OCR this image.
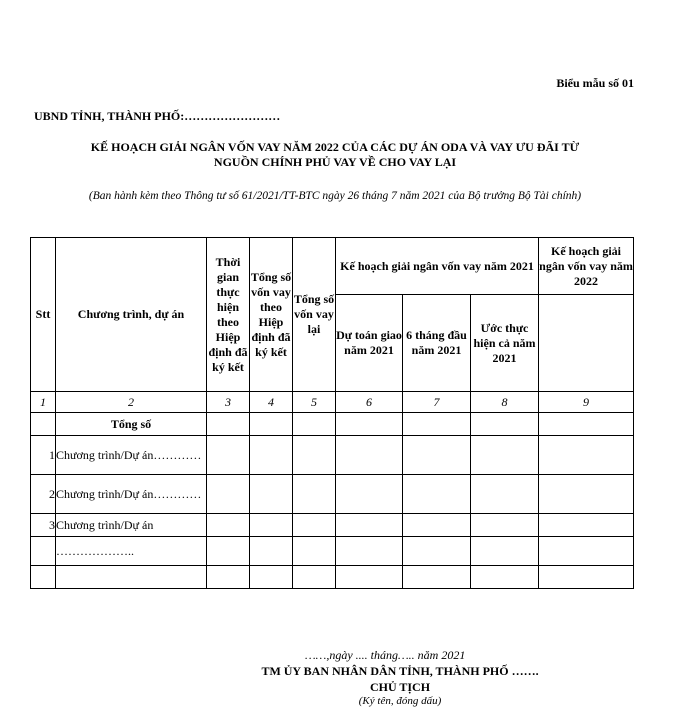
Biểu mẫu số 01
UBND TỈNH, THÀNH PHỐ:……………………
KẾ HOẠCH GIẢI NGÂN VỐN VAY NĂM 2022 CỦA CÁC DỰ ÁN ODA VÀ VAY ƯU ĐÃI TỪ
NGUỒN CHÍNH PHỦ VAY VỀ CHO VAY LẠI
(Ban hành kèm theo Thông tư số 61/2021/TT-BTC ngày 26 tháng 7 năm 2021 của Bộ trưởng Bộ Tài chính)
Stt	Chương trình, dự án	Thời gian thực hiện theo Hiệp định đã ký kết	Tổng số vốn vay theo Hiệp định đã ký kết	Tổng số vốn vay lại	Kế hoạch giải ngân vốn vay năm 2021			Kế hoạch giải ngân vốn vay năm 2022
					Dự toán giao năm 2021	6 tháng đầu năm 2021	Ước thực hiện cả năm 2021	
1	2	3	4	5	6	7	8	9
	Tổng số							
1	Chương trình/Dự án…………							
2	Chương trình/Dự án…………							
3	Chương trình/Dự án							
	………………..							

……,ngày .... tháng….. năm 2021
TM ỦY BAN NHÂN DÂN TỈNH, THÀNH PHỐ …….
CHỦ TỊCH
(Ký tên, đóng dấu)
